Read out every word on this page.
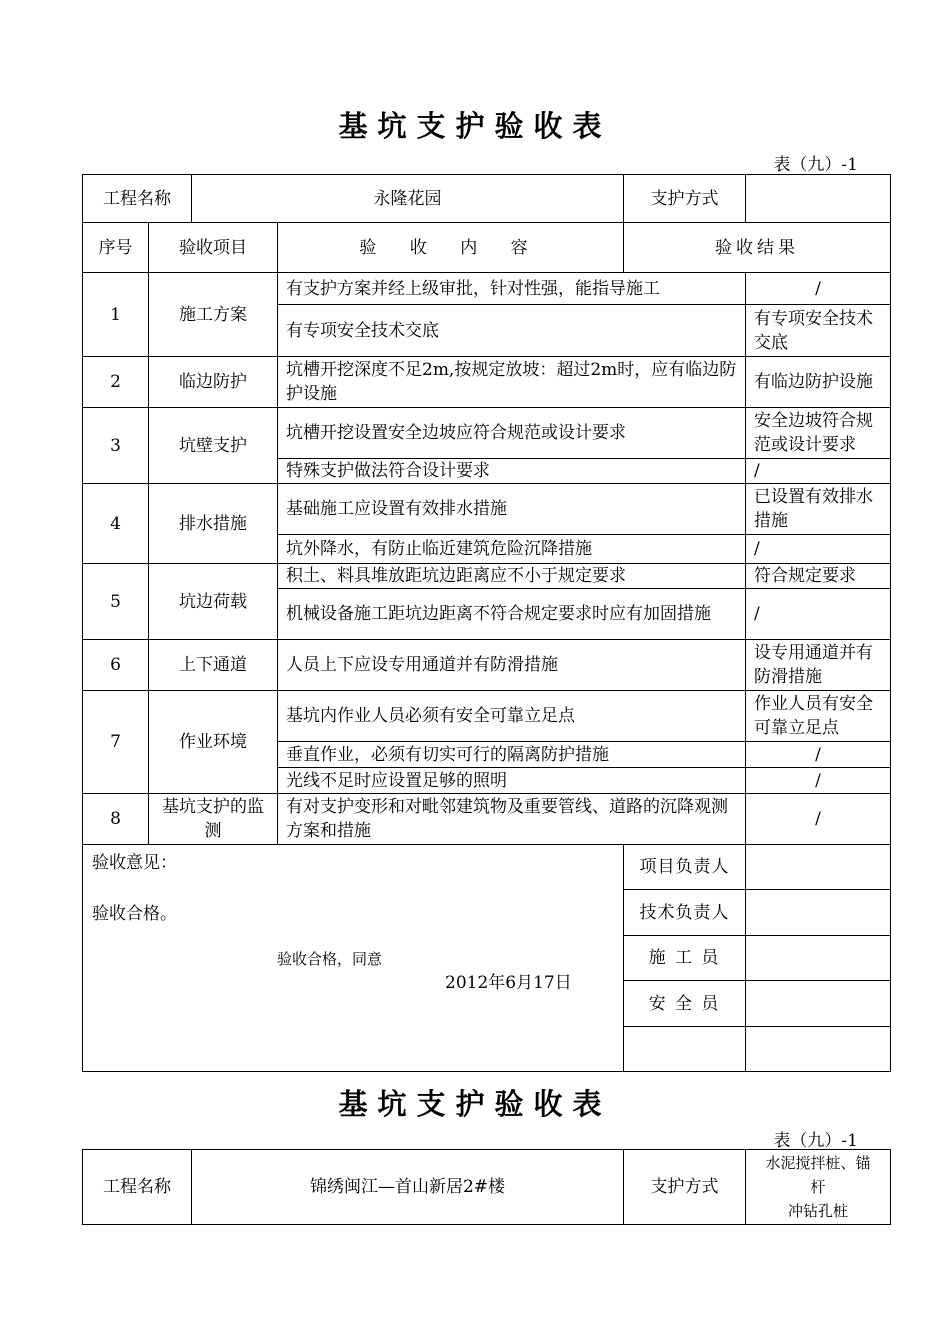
基坑支护验收表
表（九）-1
工程名称		永隆花园		支护方式	
序号	验收项目		验 收 内 容	验收结果	
1	施工方案		有支护方案并经上级审批，针对性强，能指导施工		/
			有专项安全技术交底		有专项安全技术交底
2	临边防护		坑槽开挖深度不足2m,按规定放坡：超过2m时，应有临边防护设施		有临边防护设施
3	坑壁支护		坑槽开挖设置安全边坡应符合规范或设计要求		安全边坡符合规范或设计要求
			特殊支护做法符合设计要求		/
4	排水措施		基础施工应设置有效排水措施		已设置有效排水措施
			坑外降水，有防止临近建筑危险沉降措施		/
5	坑边荷载		积土、料具堆放距坑边距离应不小于规定要求		符合规定要求
			机械设备施工距坑边距离不符合规定要求时应有加固措施		/
6	上下通道		人员上下应设专用通道并有防滑措施		设专用通道并有防滑措施
7	作业环境		基坑内作业人员必须有安全可靠立足点		作业人员有安全可靠立足点
			垂直作业，必须有切实可行的隔离防护措施		/
			光线不足时应设置足够的照明		/
8	基坑支护的监测		有对支护变形和对毗邻建筑物及重要管线、道路的沉降观测方案和措施		/

验收意见：
验收合格。
验收合格，同意
2012年6月17日				项目负责人	
				技术负责人	
				施 工 员	
				安 全 员	

基坑支护验收表
表（九）-1
工程名称	锦绣闽江—首山新居2#楼	支护方式	
水泥搅拌桩、锚
杆
冲钻孔桩
